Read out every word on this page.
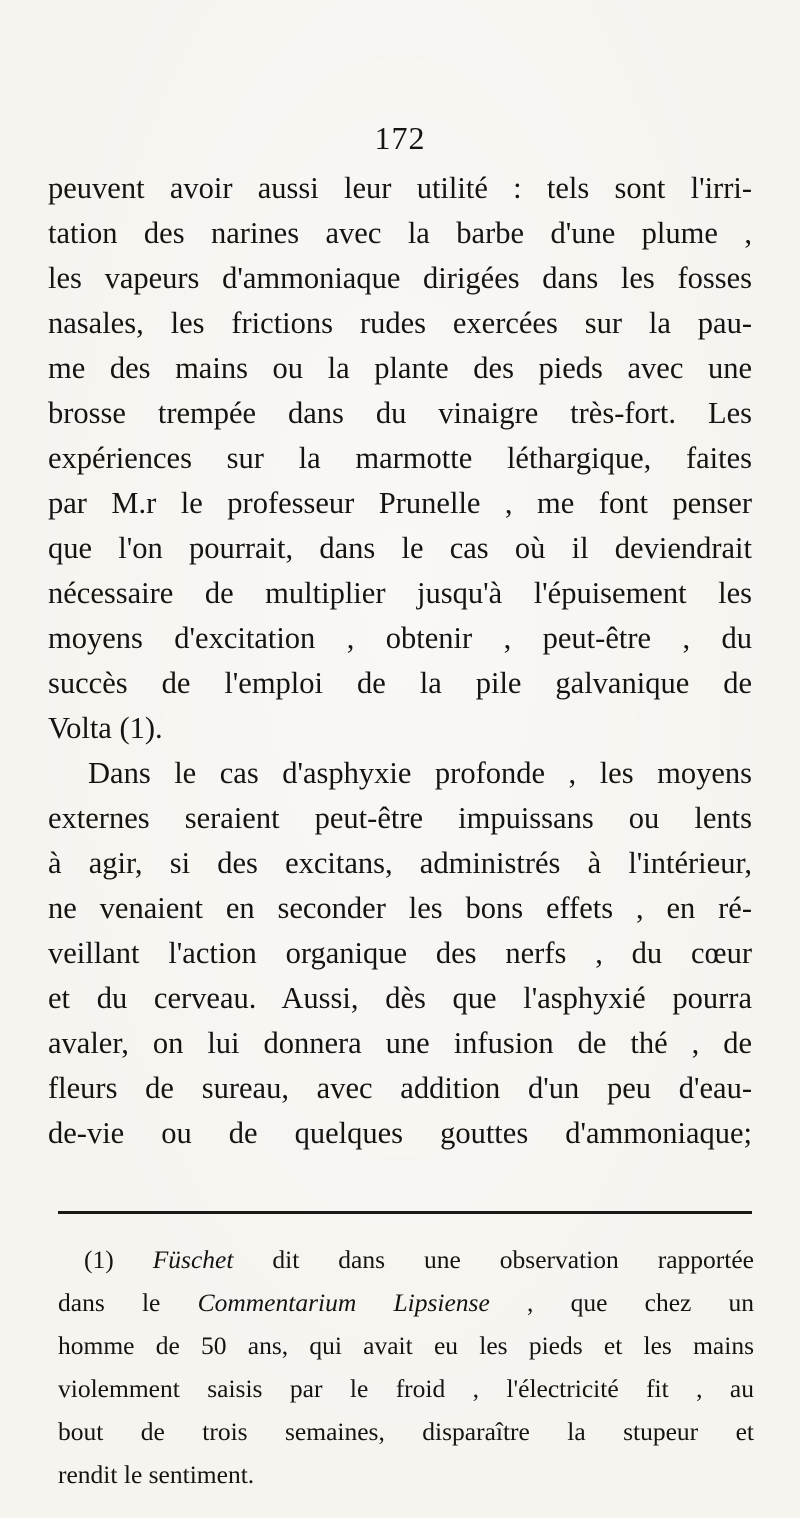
172

peuvent avoir aussi leur utilité : tels sont l'irri-
tation des narines avec la barbe d'une plume ,
les vapeurs d'ammoniaque dirigées dans les fosses
nasales, les frictions rudes exercées sur la pau-
me des mains ou la plante des pieds avec une
brosse trempée dans du vinaigre très-fort. Les
expériences sur la marmotte léthargique, faites
par M.r le professeur Prunelle , me font penser
que l'on pourrait, dans le cas où il deviendrait
nécessaire de multiplier jusqu'à l'épuisement les
moyens d'excitation , obtenir , peut-être , du
succès de l'emploi de la pile galvanique de
Volta (1).
Dans le cas d'asphyxie profonde , les moyens
externes seraient peut-être impuissans ou lents
à agir, si des excitans, administrés à l'intérieur,
ne venaient en seconder les bons effets , en ré-
veillant l'action organique des nerfs , du cœur
et du cerveau. Aussi, dès que l'asphyxié pourra
avaler, on lui donnera une infusion de thé , de
fleurs de sureau, avec addition d'un peu d'eau-
de-vie ou de quelques gouttes d'ammoniaque;
(1) Füschet dit dans une observation rapportée
dans le Commentarium Lipsiense , que chez un
homme de 50 ans, qui avait eu les pieds et les mains
violemment saisis par le froid , l'électricité fit , au
bout de trois semaines, disparaître la stupeur et
rendit le sentiment.
